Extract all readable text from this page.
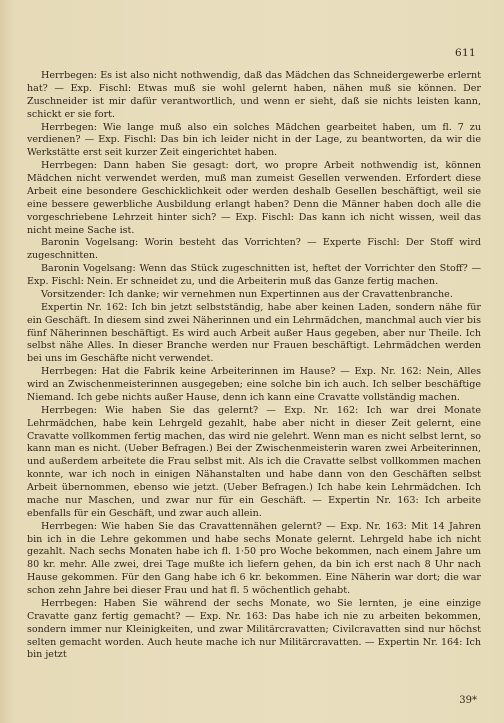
611

Herrbegen: Es ist also nicht nothwendig, daß das Mädchen das Schneidergewerbe erlernt hat? — Exp. Fischl: Etwas muß sie wohl gelernt haben, nähen muß sie können. Der Zuschneider ist mir dafür verantwortlich, und wenn er sieht, daß sie nichts leisten kann, schickt er sie fort.

Herrbegen: Wie lange muß also ein solches Mädchen gearbeitet haben, um fl. 7 zu verdienen? — Exp. Fischl: Das bin ich leider nicht in der Lage, zu beantworten, da wir die Werkstätte erst seit kurzer Zeit eingerichtet haben.

Herrbegen: Dann haben Sie gesagt: dort, wo propre Arbeit nothwendig ist, können Mädchen nicht verwendet werden, muß man zumeist Gesellen verwenden. Erfordert diese Arbeit eine besondere Geschicklichkeit oder werden deshalb Gesellen beschäftigt, weil sie eine bessere gewerbliche Ausbildung erlangt haben? Denn die Männer haben doch alle die vorgeschriebene Lehrzeit hinter sich? — Exp. Fischl: Das kann ich nicht wissen, weil das nicht meine Sache ist.

Baronin Vogelsang: Worin besteht das Vorrichten? — Experte Fischl: Der Stoff wird zugeschnitten.

Baronin Vogelsang: Wenn das Stück zugeschnitten ist, heftet der Vorrichter den Stoff? — Exp. Fischl: Nein. Er schneidet zu, und die Arbeiterin muß das Ganze fertig machen.

Vorsitzender: Ich danke; wir vernehmen nun Expertinnen aus der Cravattenbranche.

Expertin Nr. 162: Ich bin jetzt selbstständig, habe aber keinen Laden, sondern nähe für ein Geschäft. In diesem sind zwei Näherinnen und ein Lehrmädchen, manchmal auch vier bis fünf Näherinnen beschäftigt. Es wird auch Arbeit außer Haus gegeben, aber nur Theile. Ich selbst nähe Alles. In dieser Branche werden nur Frauen beschäftigt. Lehrmädchen werden bei uns im Geschäfte nicht verwendet.

Herrbegen: Hat die Fabrik keine Arbeiterinnen im Hause? — Exp. Nr. 162: Nein, Alles wird an Zwischenmeisterinnen ausgegeben; eine solche bin ich auch. Ich selber beschäftige Niemand. Ich gebe nichts außer Hause, denn ich kann eine Cravatte vollständig machen.

Herrbegen: Wie haben Sie das gelernt? — Exp. Nr. 162: Ich war drei Monate Lehrmädchen, habe kein Lehrgeld gezahlt, habe aber nicht in dieser Zeit gelernt, eine Cravatte vollkommen fertig machen, das wird nie gelehrt. Wenn man es nicht selbst lernt, so kann man es nicht. (Ueber Befragen.) Bei der Zwischenmeisterin waren zwei Arbeiterinnen, und außerdem arbeitete die Frau selbst mit. Als ich die Cravatte selbst vollkommen machen konnte, war ich noch in einigen Nähanstalten und habe dann von den Geschäften selbst Arbeit übernommen, ebenso wie jetzt. (Ueber Befragen.) Ich habe kein Lehrmädchen. Ich mache nur Maschen, und zwar nur für ein Geschäft. — Expertin Nr. 163: Ich arbeite ebenfalls für ein Geschäft, und zwar auch allein.

Herrbegen: Wie haben Sie das Cravattennähen gelernt? — Exp. Nr. 163: Mit 14 Jahren bin ich in die Lehre gekommen und habe sechs Monate gelernt. Lehrgeld habe ich nicht gezahlt. Nach sechs Monaten habe ich fl. 1·50 pro Woche bekommen, nach einem Jahre um 80 kr. mehr. Alle zwei, drei Tage mußte ich liefern gehen, da bin ich erst nach 8 Uhr nach Hause gekommen. Für den Gang habe ich 6 kr. bekommen. Eine Näherin war dort; die war schon zehn Jahre bei dieser Frau und hat fl. 5 wöchentlich gehabt.

Herrbegen: Haben Sie während der sechs Monate, wo Sie lernten, je eine einzige Cravatte ganz fertig gemacht? — Exp. Nr. 163: Das habe ich nie zu arbeiten bekommen, sondern immer nur Kleinigkeiten, und zwar Militärcravatten; Civilcravatten sind nur höchst selten gemacht worden. Auch heute mache ich nur Militärcravatten. — Expertin Nr. 164: Ich bin jetzt

39*
